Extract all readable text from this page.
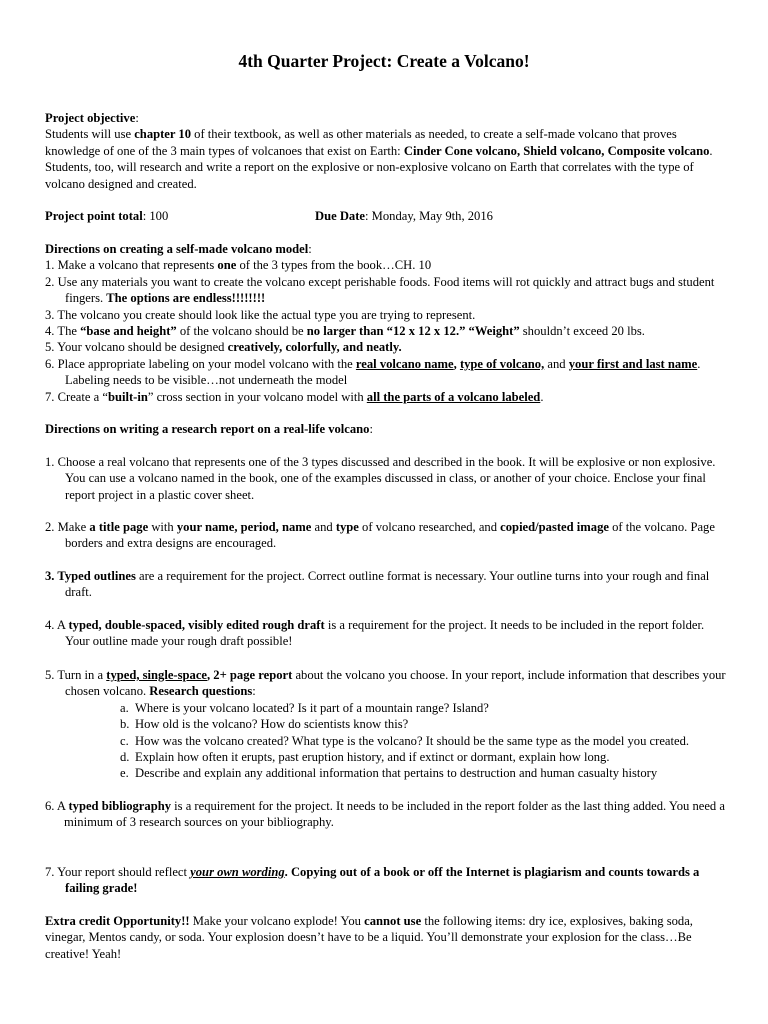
4th Quarter Project: Create a Volcano!
Project objective:
Students will use chapter 10 of their textbook, as well as other materials as needed, to create a self-made volcano that proves knowledge of one of the 3 main types of volcanoes that exist on Earth: Cinder Cone volcano, Shield volcano, Composite volcano. Students, too, will research and write a report on the explosive or non-explosive volcano on Earth that correlates with the type of volcano designed and created.
Project point total: 100	Due Date: Monday, May 9th, 2016
Directions on creating a self-made volcano model:
1. Make a volcano that represents one of the 3 types from the book…CH. 10
2. Use any materials you want to create the volcano except perishable foods. Food items will rot quickly and attract bugs and student fingers. The options are endless!!!!!!!!
3. The volcano you create should look like the actual type you are trying to represent.
4. The “base and height” of the volcano should be no larger than “12 x 12 x 12.” “Weight” shouldn’t exceed 20 lbs.
5. Your volcano should be designed creatively, colorfully, and neatly.
6. Place appropriate labeling on your model volcano with the real volcano name, type of volcano, and your first and last name. Labeling needs to be visible…not underneath the model
7. Create a “built-in” cross section in your volcano model with all the parts of a volcano labeled.
Directions on writing a research report on a real-life volcano:
1. Choose a real volcano that represents one of the 3 types discussed and described in the book. It will be explosive or non explosive. You can use a volcano named in the book, one of the examples discussed in class, or another of your choice. Enclose your final report project in a plastic cover sheet.
2. Make a title page with your name, period, name and type of volcano researched, and copied/pasted image of the volcano. Page borders and extra designs are encouraged.
3. Typed outlines are a requirement for the project. Correct outline format is necessary. Your outline turns into your rough and final draft.
4. A typed, double-spaced, visibly edited rough draft is a requirement for the project. It needs to be included in the report folder. Your outline made your rough draft possible!
5. Turn in a typed, single-space, 2+ page report about the volcano you choose. In your report, include information that describes your chosen volcano. Research questions:
a. Where is your volcano located? Is it part of a mountain range? Island?
b. How old is the volcano? How do scientists know this?
c. How was the volcano created? What type is the volcano? It should be the same type as the model you created.
d. Explain how often it erupts, past eruption history, and if extinct or dormant, explain how long.
e. Describe and explain any additional information that pertains to destruction and human casualty history
6. A typed bibliography is a requirement for the project. It needs to be included in the report folder as the last thing added. You need a minimum of 3 research sources on your bibliography.
7. Your report should reflect your own wording. Copying out of a book or off the Internet is plagiarism and counts towards a failing grade!
Extra credit Opportunity!! Make your volcano explode! You cannot use the following items: dry ice, explosives, baking soda, vinegar, Mentos candy, or soda. Your explosion doesn’t have to be a liquid. You’ll demonstrate your explosion for the class…Be creative! Yeah!
